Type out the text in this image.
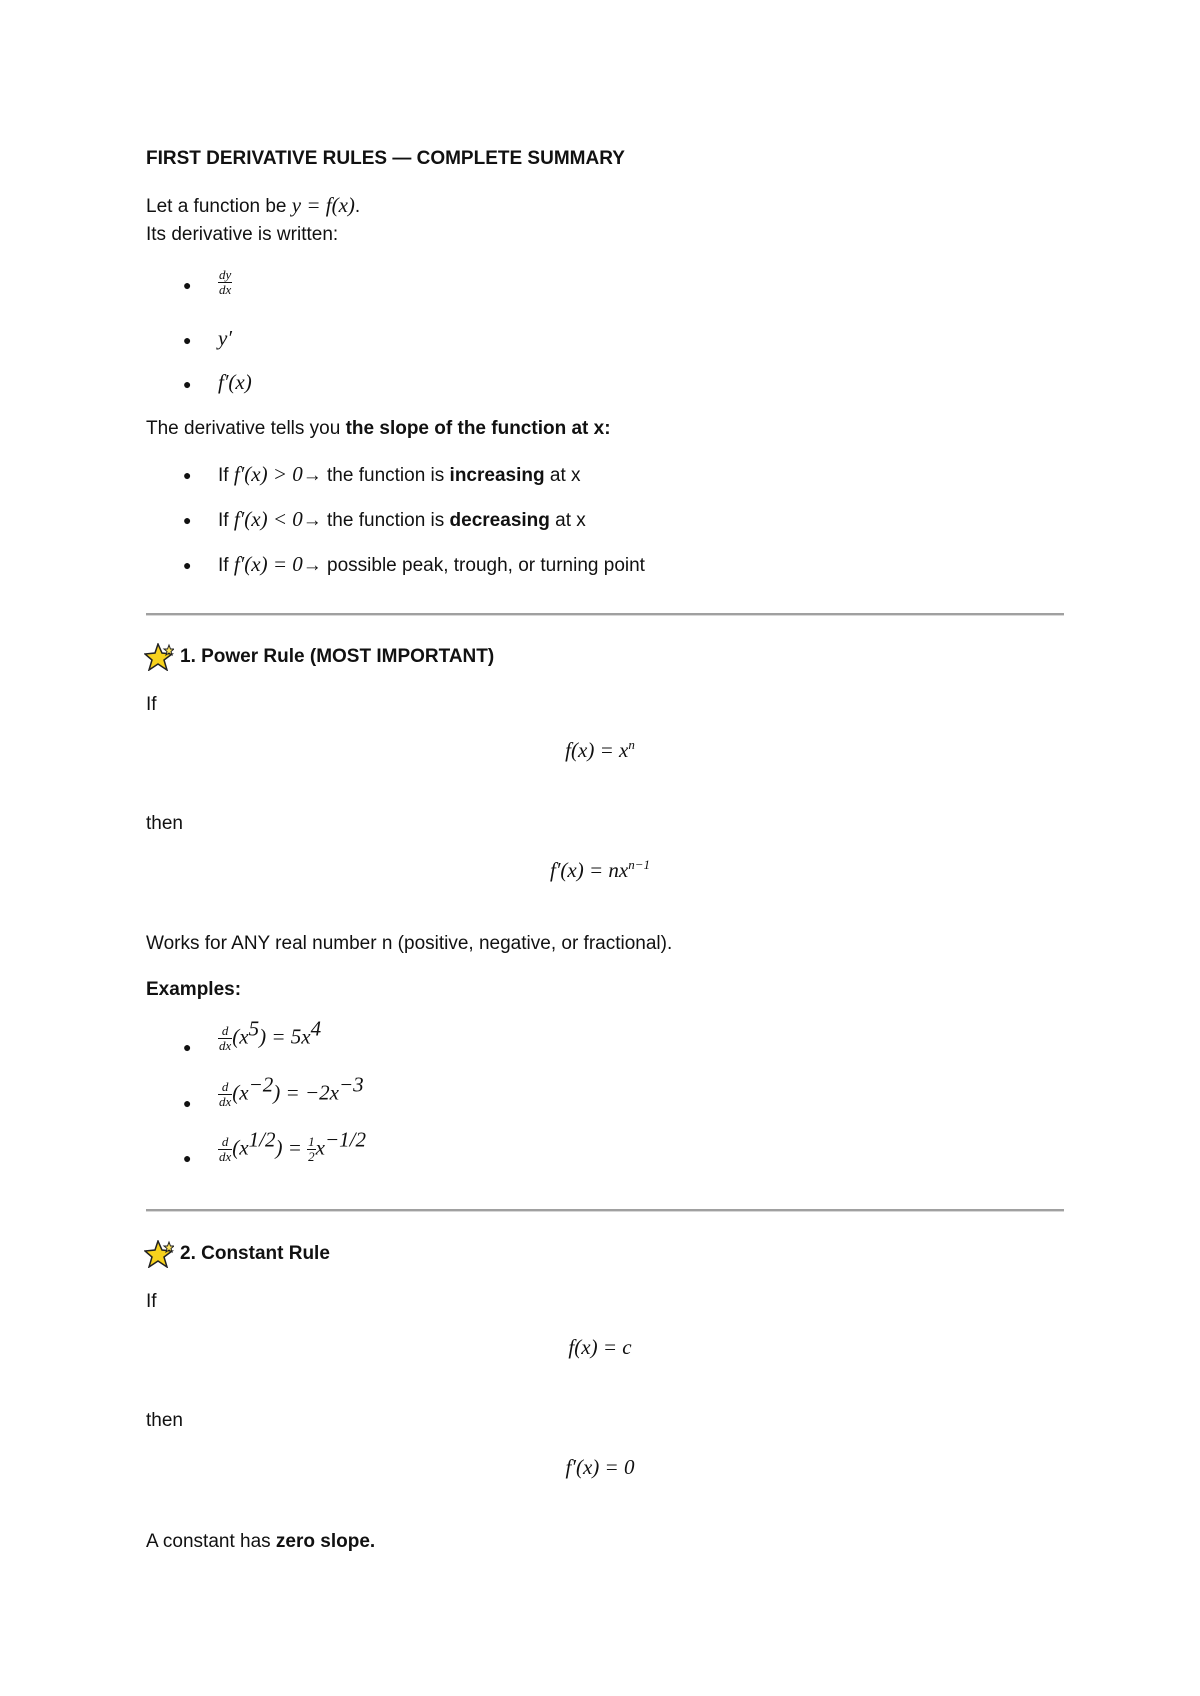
FIRST DERIVATIVE RULES — COMPLETE SUMMARY
Let a function be y = f(x).
Its derivative is written:
● $\frac{dy}{dx}$
● y′
● f′(x)
The derivative tells you the slope of the function at x:
● If f′(x) > 0→ the function is increasing at x
● If f′(x) < 0→ the function is decreasing at x
● If f′(x) = 0→ possible peak, trough, or turning point
1. Power Rule (MOST IMPORTANT)
If
$f(x) = x^n$
then
$f'(x) = nx^{n-1}$
Works for ANY real number n (positive, negative, or fractional).
Examples:
● $\frac{d}{dx} (x^5) = 5x^4$
● $\frac{d}{dx} (x^{-2}) = -2x^{-3}$
● $\frac{d}{dx} (x^{1/2}) = \frac{1}{2} x^{-1/2}$
2. Constant Rule
If
f(x) = c
then
f′(x) = 0
A constant has zero slope.
